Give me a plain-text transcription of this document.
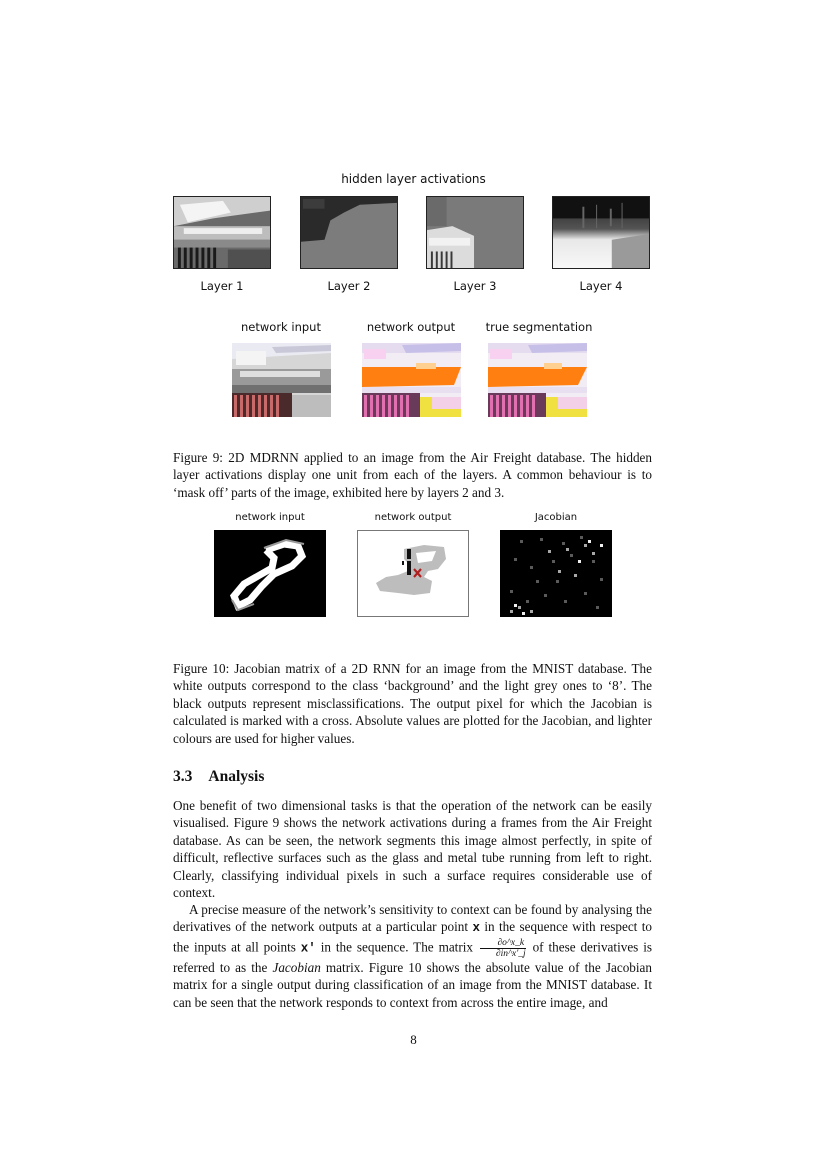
hidden layer activations
Layer 1	Layer 2	Layer 3	Layer 4
network input	network output	true segmentation

Figure 9: 2D MDRNN applied to an image from the Air Freight database. The hidden layer activations display one unit from each of the layers. A common behaviour is to ‘mask off’ parts of the image, exhibited here by layers 2 and 3.

network input	network output	Jacobian

Figure 10: Jacobian matrix of a 2D RNN for an image from the MNIST database. The white outputs correspond to the class ‘background’ and the light grey ones to ‘8’. The black outputs represent misclassifications. The output pixel for which the Jacobian is calculated is marked with a cross. Absolute values are plotted for the Jacobian, and lighter colours are used for higher values.

3.3 Analysis

One benefit of two dimensional tasks is that the operation of the network can be easily visualised. Figure 9 shows the network activations during a frames from the Air Freight database. As can be seen, the network segments this image almost perfectly, in spite of difficult, reflective surfaces such as the glass and metal tube running from left to right. Clearly, classifying individual pixels in such a surface requires considerable use of context.

A precise measure of the network’s sensitivity to context can be found by analysing the derivatives of the network outputs at a particular point x in the sequence with respect to the inputs at all points x′ in the sequence. The matrix $\frac{\partial o\^{}x\_k}{\partial in\^{}x'\_j}$ of these derivatives is referred to as the Jacobian matrix. Figure 10 shows the absolute value of the Jacobian matrix for a single output during classification of an image from the MNIST database. It can be seen that the network responds to context from across the entire image, and

8
